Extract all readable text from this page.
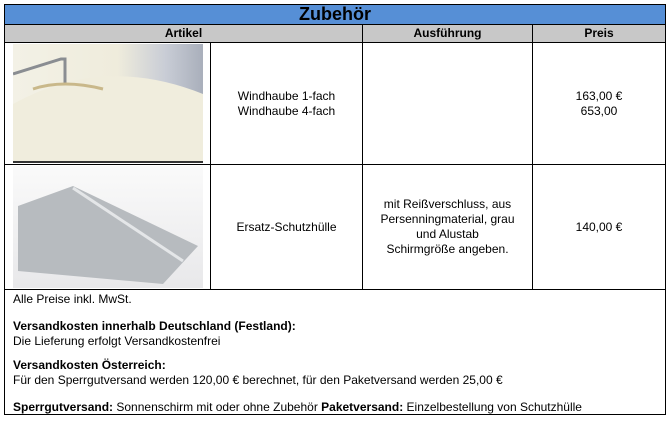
Zubehör
Artikel	Ausführung	Preis
Windhaube 1-fach
Windhaube 4-fach
163,00 €
653,00
Ersatz-Schutzhülle
mit Reißverschluss, aus
Persenningmaterial, grau
und Alustab
Schirmgröße angeben.
140,00 €

Alle Preise inkl. MwSt.

Versandkosten innerhalb Deutschland (Festland):
Die Lieferung erfolgt Versandkostenfrei

Versandkosten Österreich:
Für den Sperrgutversand werden 120,00 € berechnet, für den Paketversand werden 25,00 €

Sperrgutversand: Sonnenschirm mit oder ohne Zubehör Paketversand: Einzelbestellung von Schutzhülle
